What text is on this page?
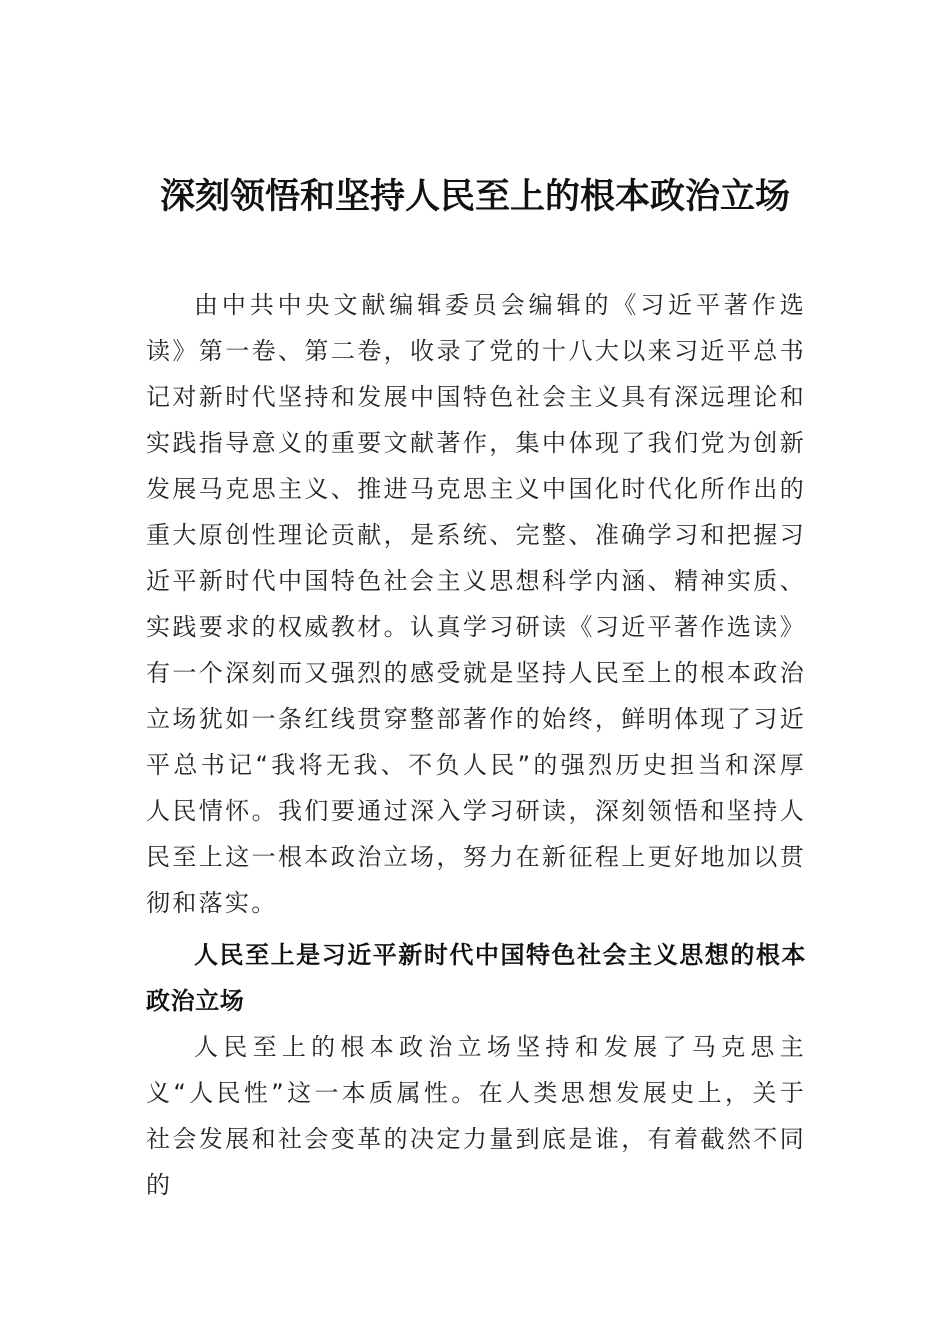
深刻领悟和坚持人民至上的根本政治立场

由中共中央文献编辑委员会编辑的《习近平著作选读》第一卷、第二卷，收录了党的十八大以来习近平总书记对新时代坚持和发展中国特色社会主义具有深远理论和实践指导意义的重要文献著作，集中体现了我们党为创新发展马克思主义、推进马克思主义中国化时代化所作出的重大原创性理论贡献，是系统、完整、准确学习和把握习近平新时代中国特色社会主义思想科学内涵、精神实质、实践要求的权威教材。认真学习研读《习近平著作选读》有一个深刻而又强烈的感受就是坚持人民至上的根本政治立场犹如一条红线贯穿整部著作的始终，鲜明体现了习近平总书记“我将无我、不负人民”的强烈历史担当和深厚人民情怀。我们要通过深入学习研读，深刻领悟和坚持人民至上这一根本政治立场，努力在新征程上更好地加以贯彻和落实。

人民至上是习近平新时代中国特色社会主义思想的根本政治立场

人民至上的根本政治立场坚持和发展了马克思主义“人民性”这一本质属性。在人类思想发展史上，关于社会发展和社会变革的决定力量到底是谁，有着截然不同的
